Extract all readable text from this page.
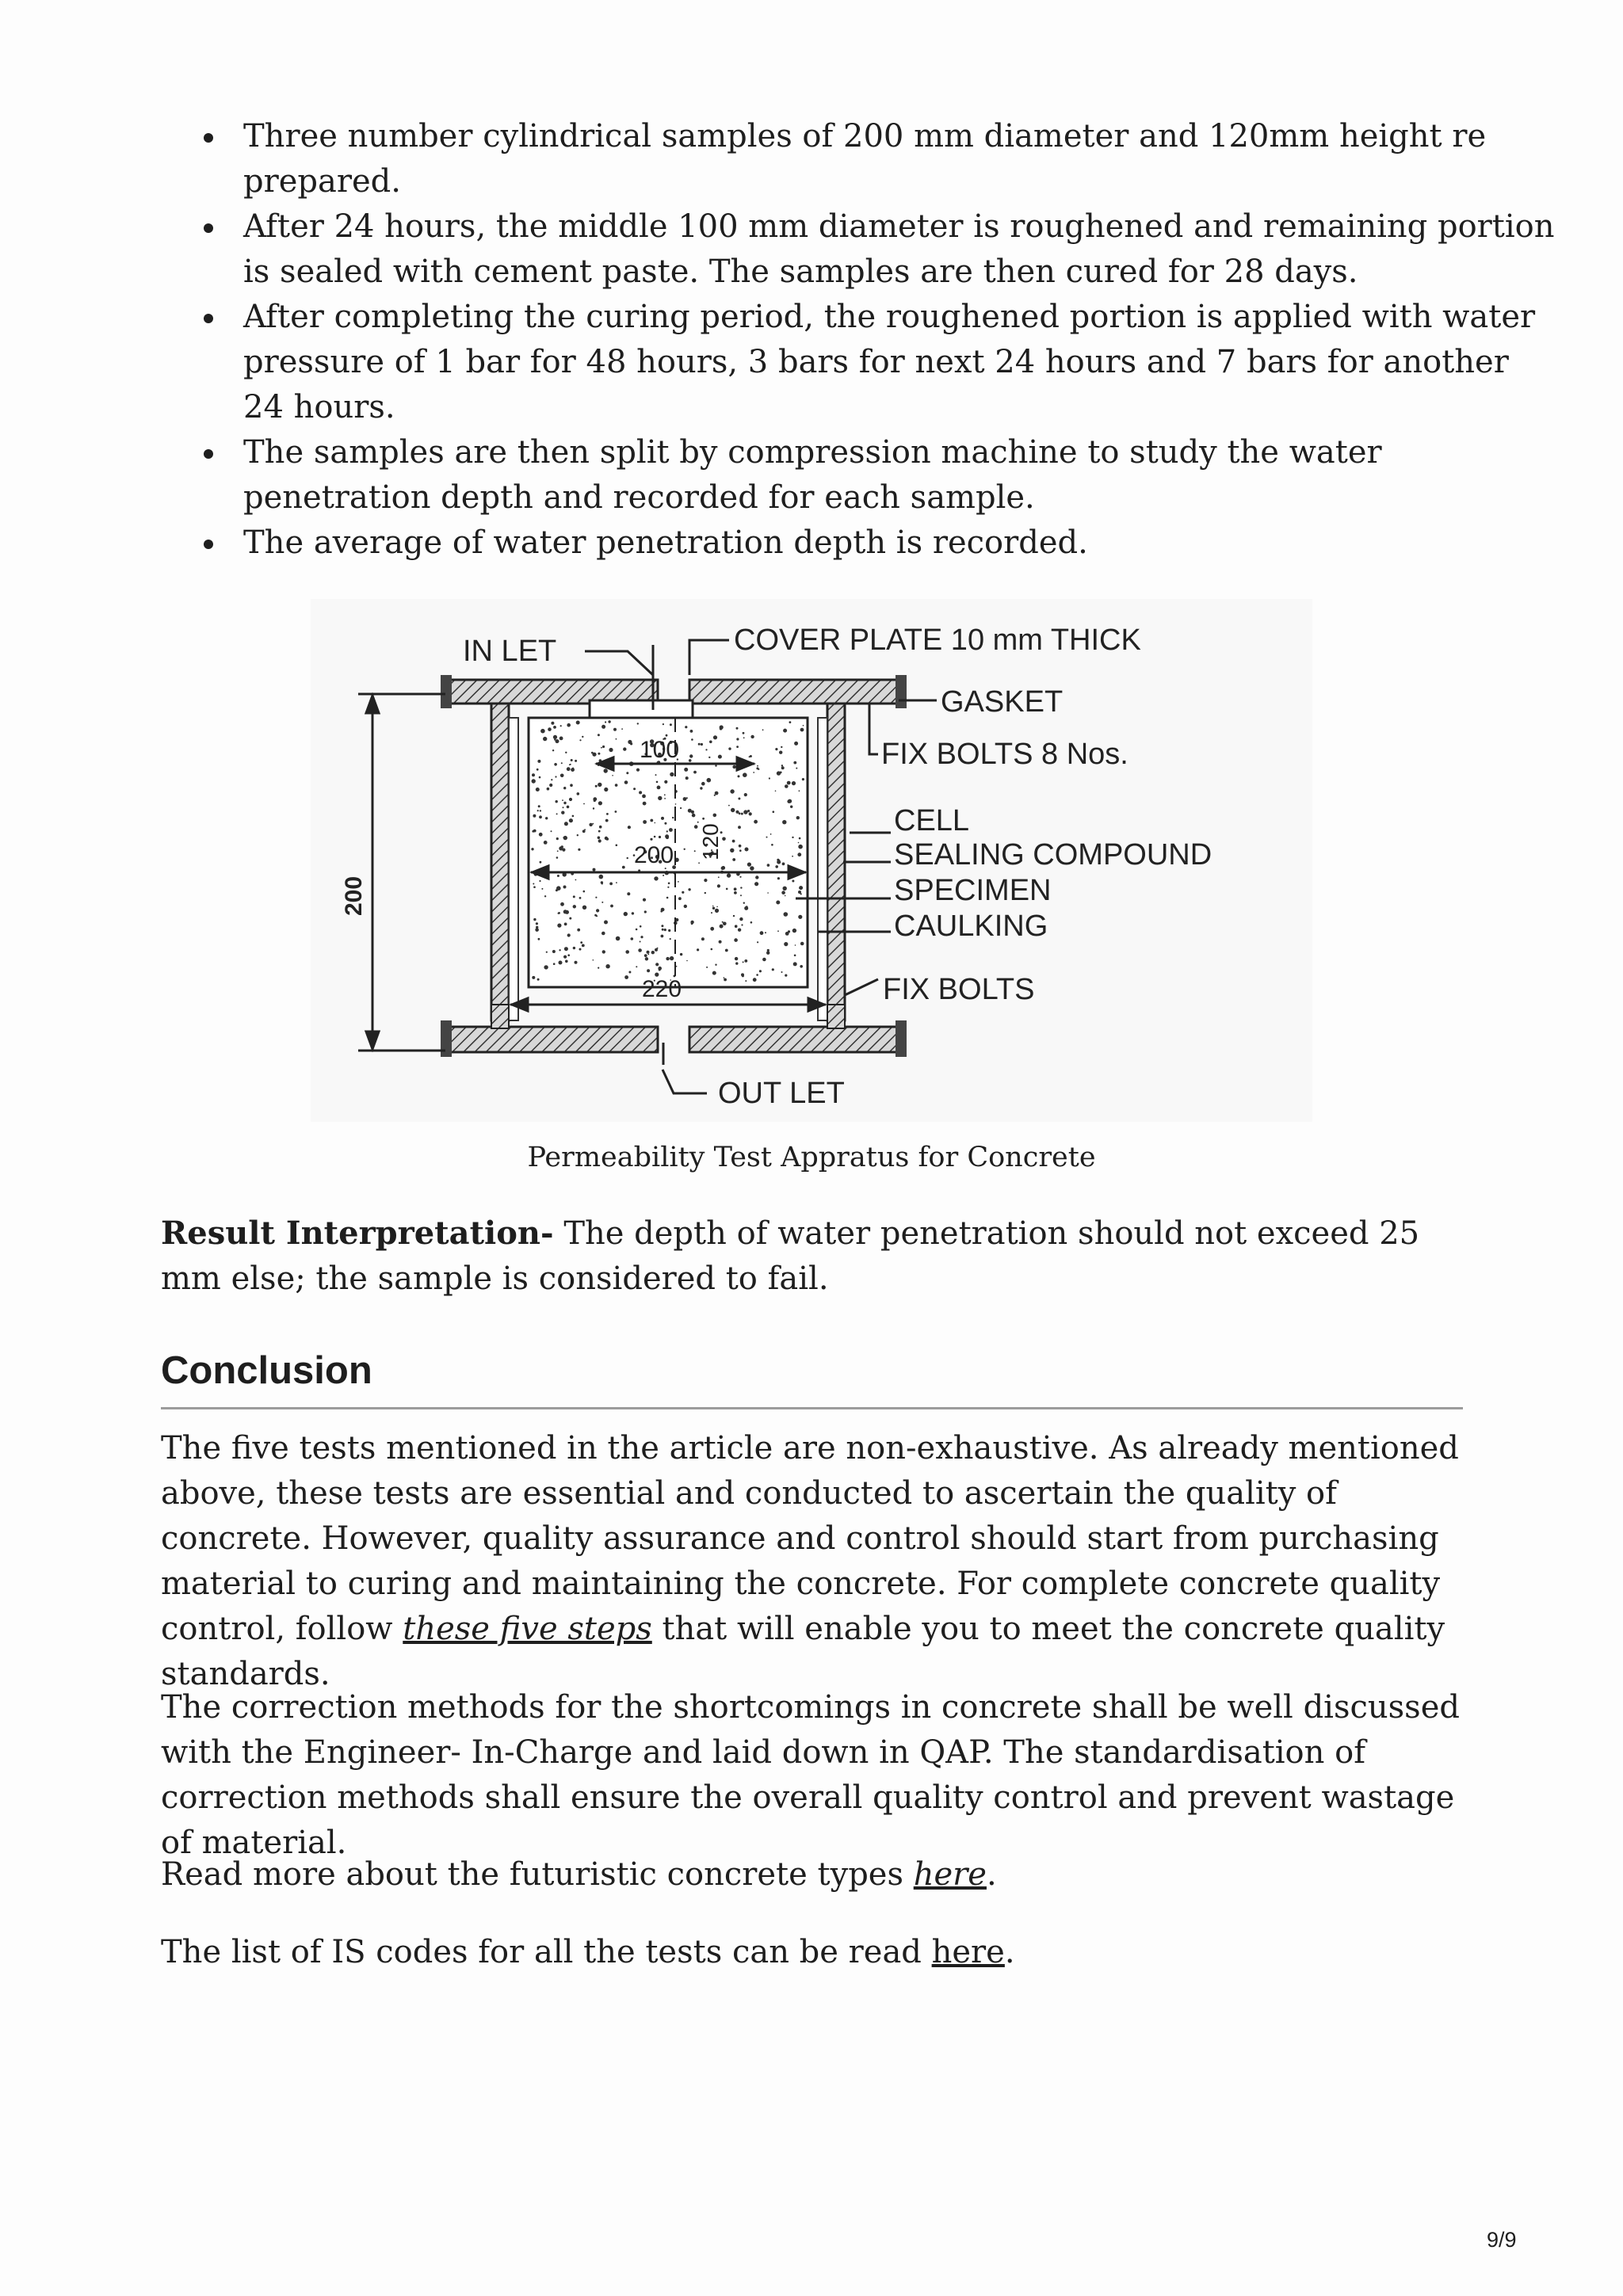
Three number cylindrical samples of 200 mm diameter and 120mm height re prepared.
After 24 hours, the middle 100 mm diameter is roughened and remaining portion is sealed with cement paste. The samples are then cured for 28 days.
After completing the curing period, the roughened portion is applied with water pressure of 1 bar for 48 hours, 3 bars for next 24 hours and 7 bars for another 24 hours.
The samples are then split by compression machine to study the water penetration depth and recorded for each sample.
The average of water penetration depth is recorded.
200
100
200 120
220
IN LET	COVER PLATE 10 mm THICK
GASKET
FIX BOLTS 8 Nos.
CELL
SEALING COMPOUND
SPECIMEN
CAULKING
FIX BOLTS
OUT LET
Permeability Test Appratus for Concrete

Result Interpretation- The depth of water penetration should not exceed 25 mm else; the sample is considered to fail.

Conclusion

The five tests mentioned in the article are non-exhaustive. As already mentioned above, these tests are essential and conducted to ascertain the quality of concrete. However, quality assurance and control should start from purchasing material to curing and maintaining the concrete. For complete concrete quality control, follow these five steps that will enable you to meet the concrete quality standards.

The correction methods for the shortcomings in concrete shall be well discussed with the Engineer- In-Charge and laid down in QAP. The standardisation of correction methods shall ensure the overall quality control and prevent wastage of material.

Read more about the futuristic concrete types here.

The list of IS codes for all the tests can be read here.

9/9
